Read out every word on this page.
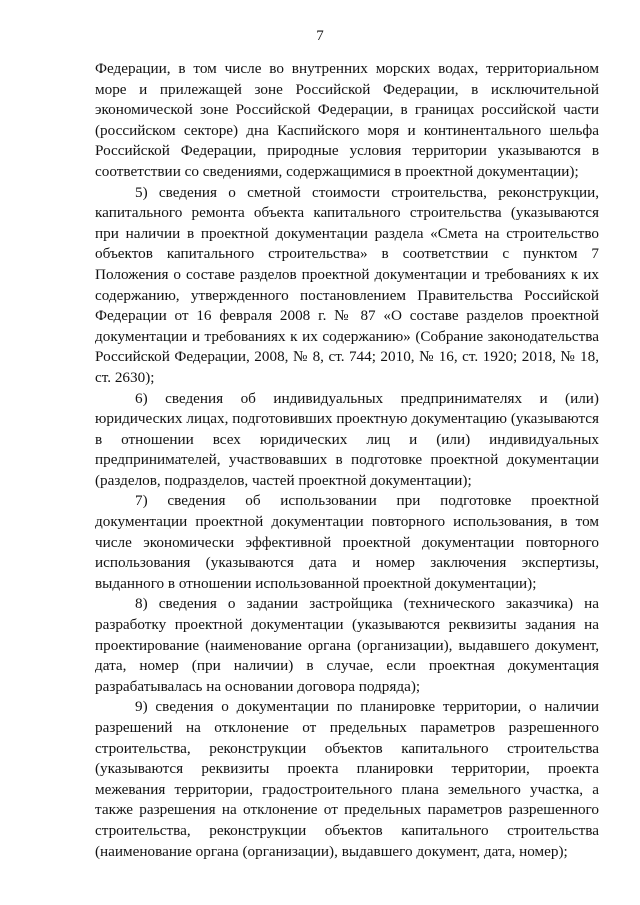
7

Федерации, в том числе во внутренних морских водах, территориальном море и прилежащей зоне Российской Федерации, в исключительной экономической зоне Российской Федерации, в границах российской части (российском секторе) дна Каспийского моря и континентального шельфа Российской Федерации, природные условия территории указываются в соответствии со сведениями, содержащимися в проектной документации);

5) сведения о сметной стоимости строительства, реконструкции, капитального ремонта объекта капитального строительства (указываются при наличии в проектной документации раздела «Смета на строительство объектов капитального строительства» в соответствии с пунктом 7 Положения о составе разделов проектной документации и требованиях к их содержанию, утвержденного постановлением Правительства Российской Федерации от 16 февраля 2008 г. № 87 «О составе разделов проектной документации и требованиях к их содержанию» (Собрание законодательства Российской Федерации, 2008, № 8, ст. 744; 2010, № 16, ст. 1920; 2018, № 18, ст. 2630);

6) сведения об индивидуальных предпринимателях и (или) юридических лицах, подготовивших проектную документацию (указываются в отношении всех юридических лиц и (или) индивидуальных предпринимателей, участвовавших в подготовке проектной документации (разделов, подразделов, частей проектной документации);

7) сведения об использовании при подготовке проектной документации проектной документации повторного использования, в том числе экономически эффективной проектной документации повторного использования (указываются дата и номер заключения экспертизы, выданного в отношении использованной проектной документации);

8) сведения о задании застройщика (технического заказчика) на разработку проектной документации (указываются реквизиты задания на проектирование (наименование органа (организации), выдавшего документ, дата, номер (при наличии) в случае, если проектная документация разрабатывалась на основании договора подряда);

9) сведения о документации по планировке территории, о наличии разрешений на отклонение от предельных параметров разрешенного строительства, реконструкции объектов капитального строительства (указываются реквизиты проекта планировки территории, проекта межевания территории, градостроительного плана земельного участка, а также разрешения на отклонение от предельных параметров разрешенного строительства, реконструкции объектов капитального строительства (наименование органа (организации), выдавшего документ, дата, номер);
